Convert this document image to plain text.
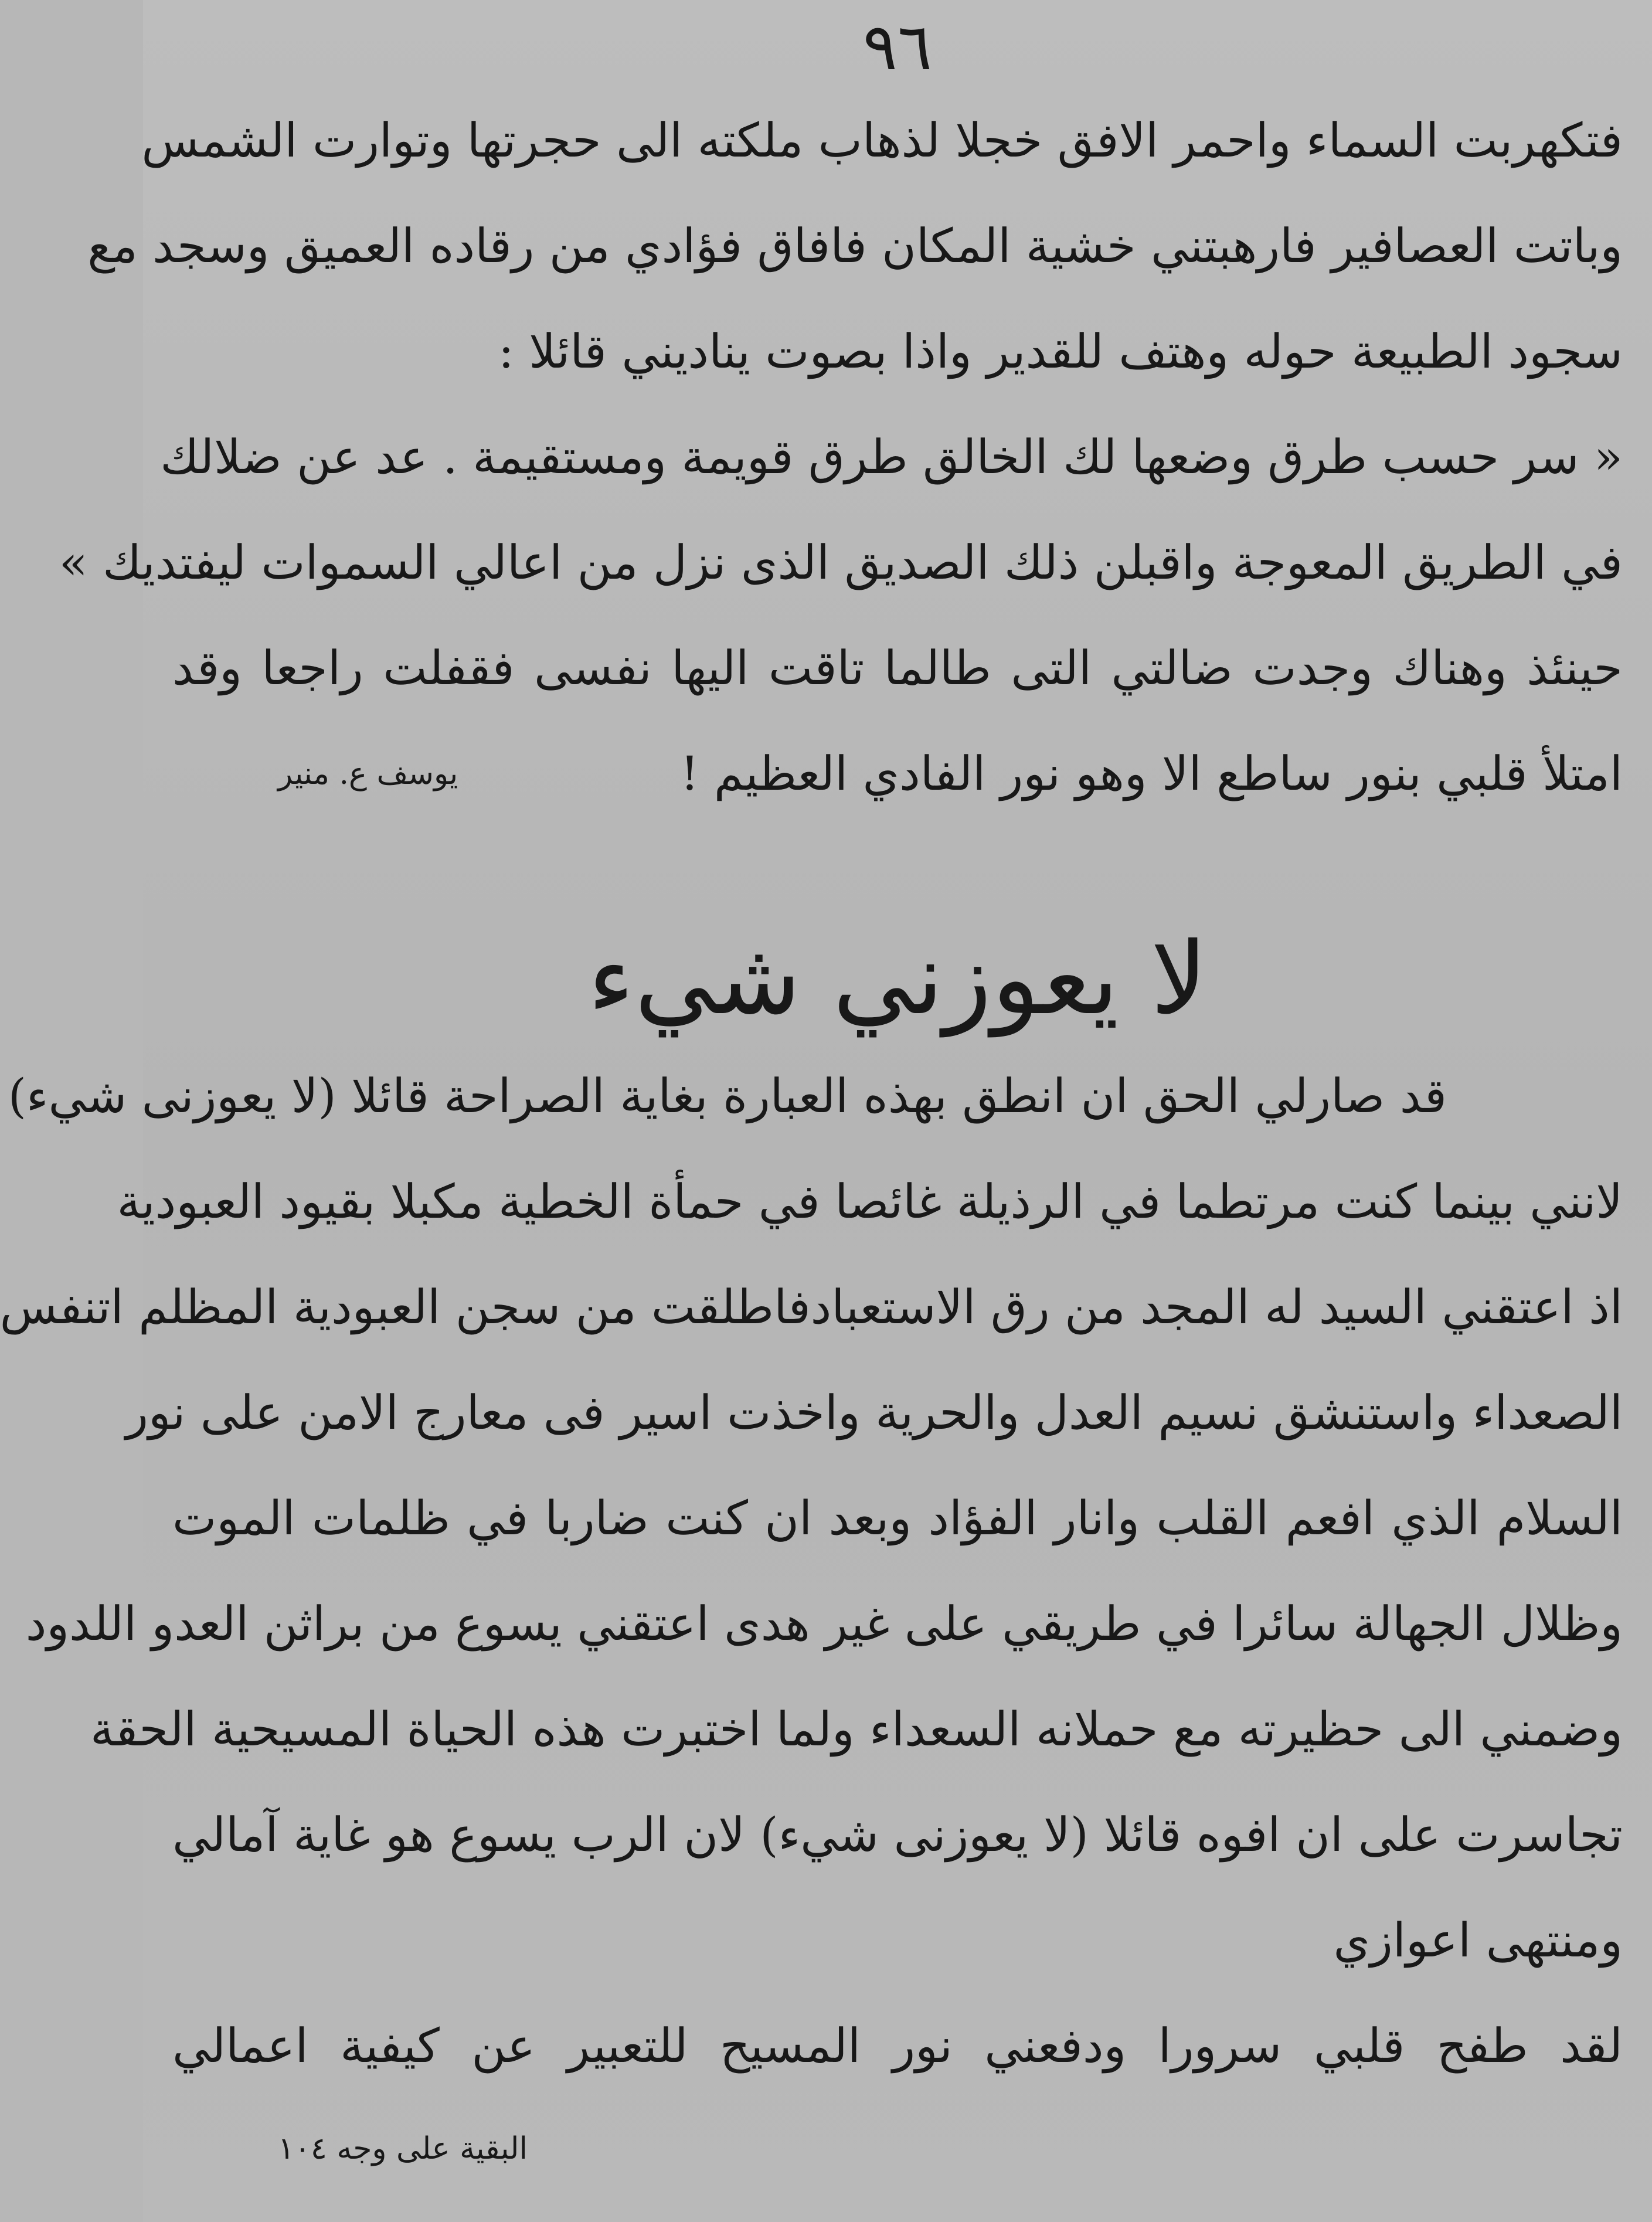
٩٦
فتكهربت السماء واحمر الافق خجلا لذهاب ملكته الى حجرتها وتوارت الشمس
وباتت العصافير فارهبتني خشية المكان فافاق فؤادي من رقاده العميق وسجد مع
سجود الطبيعة حوله وهتف للقدير واذا بصوت يناديني قائلا :
« سر حسب طرق وضعها لك الخالق طرق قويمة ومستقيمة . عد عن ضلالك
في الطريق المعوجة واقبلن ذلك الصديق الذى نزل من اعالي السموات ليفتديك »
حينئذ وهناك وجدت ضالتي التى طالما تاقت اليها نفسى فقفلت راجعا وقد
امتلأ قلبي بنور ساطع الا وهو نور الفادي العظيم !
يوسف ع. منير
لا يعوزني شيء
قد صارلي الحق ان انطق بهذه العبارة بغاية الصراحة قائلا (لا يعوزنى شيء)
لانني بينما كنت مرتطما في الرذيلة غائصا في حمأة الخطية مكبلا بقيود العبودية
اذ اعتقني السيد له المجد من رق الاستعبادفاطلقت من سجن العبودية المظلم اتنفس
الصعداء واستنشق نسيم العدل والحرية واخذت اسير فى معارج الامن على نور
السلام الذي افعم القلب وانار الفؤاد وبعد ان كنت ضاربا في ظلمات الموت
وظلال الجهالة سائرا في طريقي على غير هدى اعتقني يسوع من براثن العدو اللدود
وضمني الى حظيرته مع حملانه السعداء ولما اختبرت هذه الحياة المسيحية الحقة
تجاسرت على ان افوه قائلا (لا يعوزنى شيء) لان الرب يسوع هو غاية آمالي
ومنتهى اعوازي
لقد طفح قلبي سرورا ودفعني نور المسيح للتعبير عن كيفية اعمالي
البقية على وجه ١٠٤
